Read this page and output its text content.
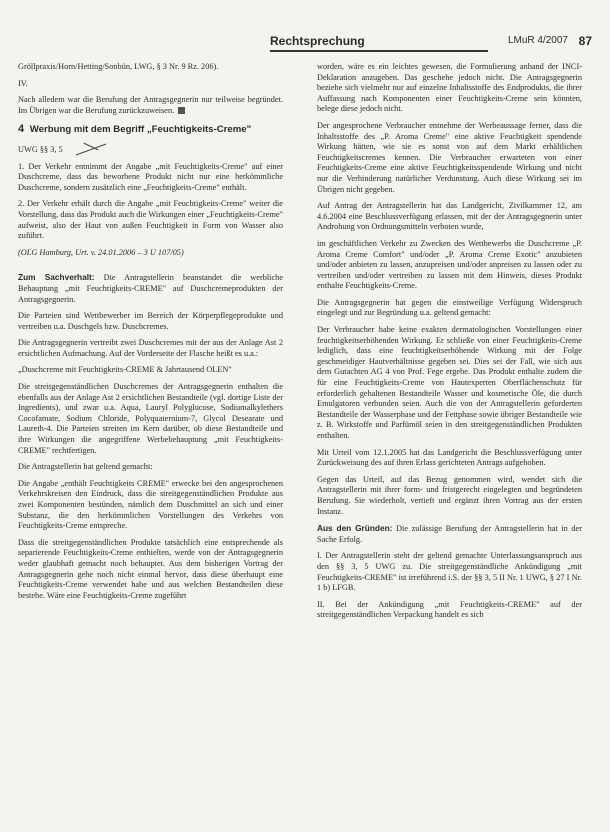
Rechtsprechung	LMuR 4/2007 87

Gröllpraxis/Horn/Hetting/Sonbün, LWG, § 3 Nr. 9 Rz. 206).

IV.

Nach alledem war die Berufung der Antragsgegnerin nur teilweise begründet. Im Übrigen war die Berufung zurückzuweisen.

4 Werbung mit dem Begriff „Feuchtigkeits-Creme"

UWG §§ 3, 5

1. Der Verkehr entnimmt der Angabe „mit Feuchtigkeits-Creme" auf einer Duschcreme, dass das beworbene Produkt nicht nur eine herkömmliche Duschcreme, sondern zusätzlich eine „Feuchtigkeits-Creme" enthält.

2. Der Verkehr erhält durch die Angabe „mit Feuchtigkeits-Creme" weiter die Vorstellung, dass das Produkt auch die Wirkungen einer „Feuchtigkeits-Creme" aufweist, also der Haut von außen Feuchtigkeit in Form von Wasser also zuführt.

(OLG Hamburg, Urt. v. 24.01.2006 – 3 U 107/05)

Zum Sachverhalt: Die Antragstellerin beanstandet die werbliche Behauptung „mit Feuchtigkeits-CREME" auf Duschcremeprodukten der Antragsgegnerin.

Die Parteien sind Wettbewerber im Bereich der Körperpflegeprodukte und vertreiben u.a. Duschgels bzw. Duschcremes.

Die Antragsgegnerin vertreibt zwei Duschcremes mit der aus der Anlage Ast 2 ersichtlichen Aufmachung. Auf der Vorderseite der Flasche heißt es u.a.:

„Duschcreme mit Feuchtigkeits-CREME & Jahrtausend OLEN"

Die streitgegenständlichen Duschcremes der Antragsgegnerin enthalten die ebenfalls aus der Anlage Ast 2 ersichtlichen Bestandteile (vgl. dortige Liste der Ingredients), und zwar u.a. Aqua, Lauryl Polyglucose, Sodiumalkylethers Cocofamate, Sodium Chloride, Polyquaternium-7, Glycol Desearate und Laureth-4. Die Parteien streiten im Kern darüber, ob diese Bestandteile und ihre Wirkungen die angegriffene Werbebehauptung „mit Feuchtigkeits-CREME" rechtfertigen.

Die Antragstellerin hat geltend gemacht:

Die Angabe „enthält Feuchtigkeits CREME" erwecke bei den angesprochenen Verkehrskreisen den Eindruck, dass die streitgegenständlichen Produkte aus zwei Komponenten bestünden, nämlich dem Duschmittel an sich und einer Substanz, die den herkömmlichen Vorstellungen des Verkehrs von Feuchtigkeits-Creme entspreche.

Dass die streitgegenständlichen Produkte tatsächlich eine entsprechende als separierende Feuchtigkeits-Creme enthielten, werde von der Antragsgegnerin weder glaubhaft gemacht noch behauptet. Aus dem bisherigen Vortrag der Antragsgegnerin gehe noch nicht einmal hervor, dass diese überhaupt eine Feuchtigkeits-Creme verwendet habe und aus welchen Bestandteilen diese bestehe. Wäre eine Feuchtigkeits-Creme zugeführt

worden, wäre es ein leichtes gewesen, die Formulierung anhand der INCI-Deklaration anzugeben. Das geschehe jedoch nicht. Die Antragsgegnerin beziehe sich vielmehr nur auf einzelne Inhaltsstoffe des Endprodukts, die ihrer Auffassung nach Komponenten einer Feuchtigkeits-Creme sein könnten, belege diese jedoch nicht.

Der angesprochene Verbraucher entnehme der Werbeaussage ferner, dass die Inhaltsstoffe des „P. Aroma Creme" eine aktive Feuchtigkeit spendende Wirkung hätten, wie sie es sonst von auf dem Markt erhältlichen Feuchtigkeitscremes kennen. Die Verbraucher erwarteten von einer Feuchtigkeits-Creme eine aktive Feuchtigkeitsspendende Wirkung und nicht nur die Verhinderung natürlicher Verdunstung. Auch diese Wirkung sei im Übrigen nicht gegeben.

Auf Antrag der Antragstellerin hat das Landgericht, Zivilkammer 12, am 4.6.2004 eine Beschlussverfügung erlassen, mit der der Antragsgegnerin unter Androhung von Ordnungsmitteln verboten wurde,

im geschäftlichen Verkehr zu Zwecken des Wettbewerbs die Duschcreme „P. Aroma Creme Comfort" und/oder „P. Aroma Creme Exotic" anzubieten und/oder anbieten zu lassen, anzupreisen und/oder anpreisen zu lassen oder zu vertreiben und/oder vertreiben zu lassen mit dem Hinweis, dieses Produkt enthalte Feuchtigkeits-Creme.

Die Antragsgegnerin hat gegen die einstweilige Verfügung Widerspruch eingelegt und zur Begründung u.a. geltend gemacht:

Der Verbraucher habe keine exakten dermatologischen Vorstellungen einer feuchtigkeitserhöhenden Wirkung. Er schließe von einer Feuchtigkeits-Creme lediglich, dass eine feuchtigkeitserhöhende Wirkung mit der Folge geschmeidiger Hautverhältnisse gegeben sei. Dies sei der Fall, wie sich aus dem Gutachten AG 4 von Prof. Fege ergebe. Das Produkt enthalte zudem die für eine Feuchtigkeits-Creme von Hautexperten Oberflächenschutz für erforderlich gehaltenen Bestandteile Wasser und kosmetische Öle, die durch Emulgatoren verbunden seien. Auch die von der Antragstellerin geforderten Bestandteile der Wasserphase und der Fettphase sowie übriger Bestandteile wie z. B. Wirkstoffe und Parfümöl seien in den streitgegenständlichen Produkten enthalten.

Mit Urteil vom 12.1.2005 hat das Landgericht die Beschlussverfügung unter Zurückweisung des auf ihren Erlass gerichteten Antrags aufgehoben.

Gegen das Urteil, auf das Bezug genommen wird, wendet sich die Antragstellerin mit ihrer form- und fristgerecht eingelegten und begründeten Berufung. Sie wiederholt, vertieft und ergänzt ihren Vortrag aus der ersten Instanz.

Aus den Gründen: Die zulässige Berufung der Antragstellerin hat in der Sache Erfolg.

I. Der Antragstellerin steht der geltend gemachte Unterlassungsanspruch aus den §§ 3, 5 UWG zu. Die streitgegenständliche Ankündigung „mit Feuchtigkeits-CREME" ist irreführend i.S. der §§ 3, 5 II Nr. 1 UWG, § 27 I Nr. 1 b) LFGB.

II. Bei der Ankündigung „mit Feuchtigkeits-CREME" auf der streitgegenständlichen Verpackung handelt es sich
